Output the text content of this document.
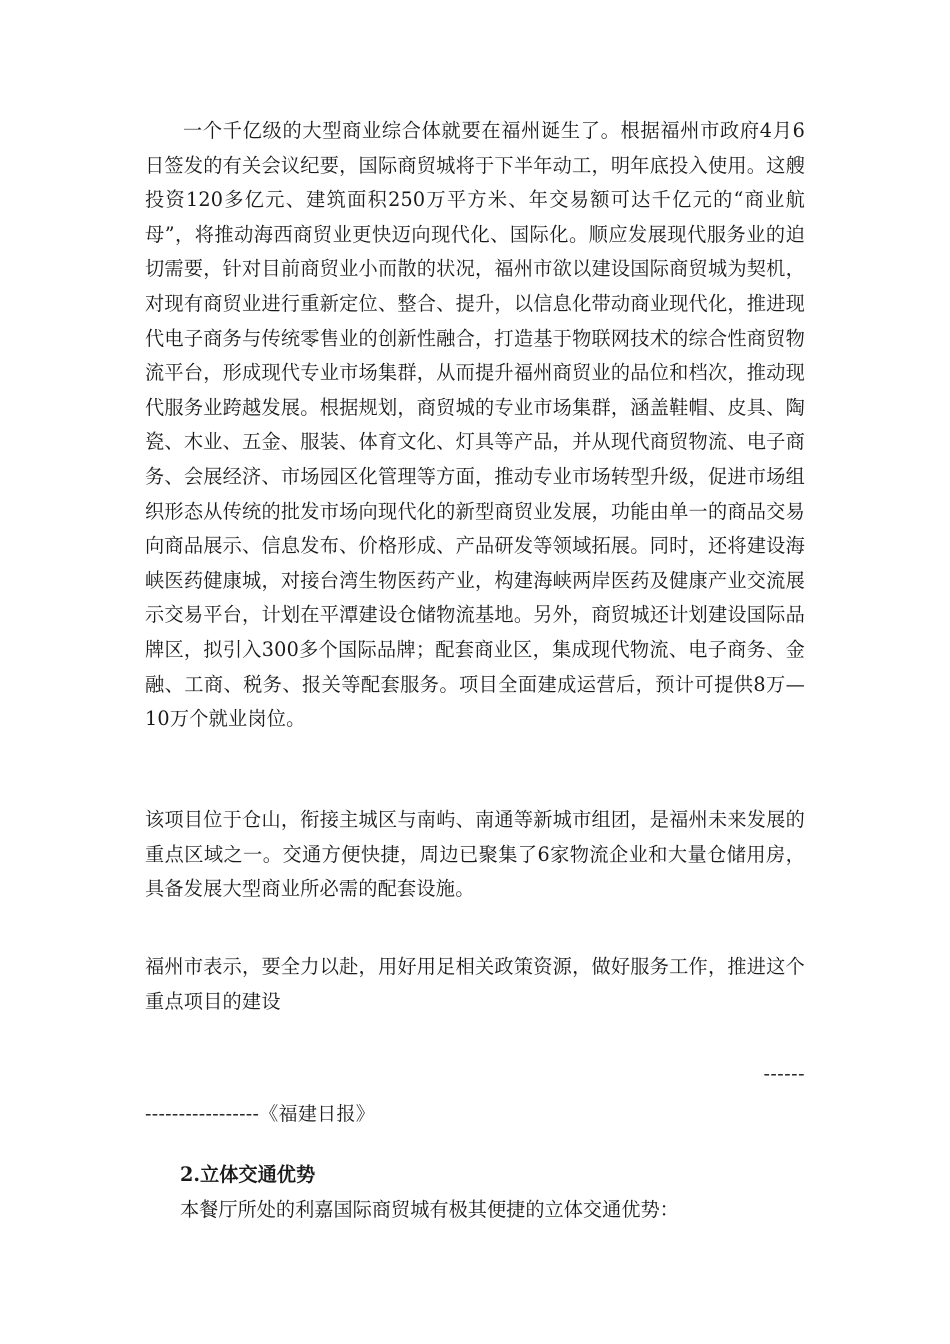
一个千亿级的大型商业综合体就要在福州诞生了。根据福州市政府4月6日签发的有关会议纪要，国际商贸城将于下半年动工，明年底投入使用。这艘投资120多亿元、建筑面积250万平方米、年交易额可达千亿元的“商业航母”，将推动海西商贸业更快迈向现代化、国际化。顺应发展现代服务业的迫切需要，针对目前商贸业小而散的状况，福州市欲以建设国际商贸城为契机，对现有商贸业进行重新定位、整合、提升，以信息化带动商业现代化，推进现代电子商务与传统零售业的创新性融合，打造基于物联网技术的综合性商贸物流平台，形成现代专业市场集群，从而提升福州商贸业的品位和档次，推动现代服务业跨越发展。根据规划，商贸城的专业市场集群，涵盖鞋帽、皮具、陶瓷、木业、五金、服装、体育文化、灯具等产品，并从现代商贸物流、电子商务、会展经济、市场园区化管理等方面，推动专业市场转型升级，促进市场组织形态从传统的批发市场向现代化的新型商贸业发展，功能由单一的商品交易向商品展示、信息发布、价格形成、产品研发等领域拓展。同时，还将建设海峡医药健康城，对接台湾生物医药产业，构建海峡两岸医药及健康产业交流展示交易平台，计划在平潭建设仓储物流基地。另外，商贸城还计划建设国际品牌区，拟引入300多个国际品牌；配套商业区，集成现代物流、电子商务、金融、工商、税务、报关等配套服务。项目全面建成运营后，预计可提供8万—10万个就业岗位。

该项目位于仓山，衔接主城区与南屿、南通等新城市组团，是福州未来发展的重点区域之一。交通方便快捷，周边已聚集了6家物流企业和大量仓储用房，具备发展大型商业所必需的配套设施。

福州市表示，要全力以赴，用好用足相关政策资源，做好服务工作，推进这个重点项目的建设

------
-----------------《福建日报》
2.立体交通优势

本餐厅所处的利嘉国际商贸城有极其便捷的立体交通优势：
